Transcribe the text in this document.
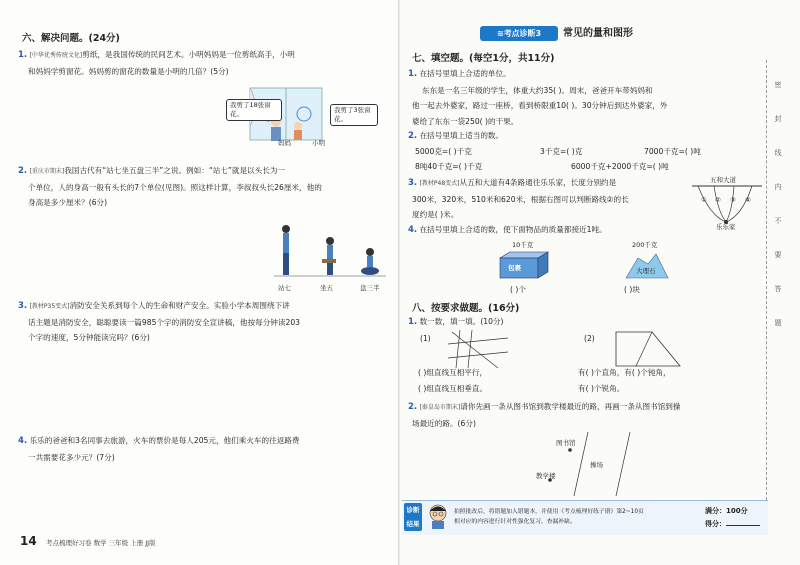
六、解决问题。(24分)
1. [中华优秀传统文化]剪纸，是我国传统的民间艺术。小明妈妈是一位剪纸高手，小明
和妈妈学剪窗花。妈妈剪的窗花的数量是小明的几倍？(5分)
我剪了18张窗花。	我剪了3张窗花。
妈妈	小明
2. [重庆市期末]我国古代有“站七坐五盘三半”之说。例如：“站七”就是以头长为一
个单位，人的身高一般有头长的7个单位(见图)。照这样计算，李叔叔头长26厘米，他的
身高是多少厘米？(6分)
站七	坐五	盘三半
3. [教材P35变式]消防安全关系到每个人的生命和财产安全。实验小学本周围绕下讲
话主题是消防安全，聪聪要读一篇985个字的消防安全宣讲稿，他按每分钟读203
个字的速度，5分钟能读完吗？(6分)
4. 乐乐的爸爸和3名同事去旅游，火车的票价是每人205元，他们乘火车的往返路费
一共需要花多少元？(7分)
14 考点梳理好习卷 数学 三年级 上册 JJ版
≋考点诊断3	常见的量和图形
七、填空题。(每空1分，共11分)
1. 在括号里填上合适的单位。
东东是一名三年级的学生，体重大约35( )。周末，爸爸开车带妈妈和
他一起去外婆家，路过一座桥，看到桥限重10( )。30分钟后到达外婆家，外
婆给了东东一袋250( )的干果。
2. 在括号里填上适当的数。
5000克=( )千克	3千克=( )克	7000千克=( )吨
8吨40千克=( )千克	6000千克+2000千克=( )吨
3. [教材P48变式]从五和大道有4条路通往乐乐家，长度分别约是
300米，320米，510米和620米，根据右图可以判断路线②的长
度约是( )米。
五和大道
乐乐家
① ② ③ ④
4. 在括号里填上合适的数，使下面物品的质量都接近1吨。
10千克
包裹
( )个
200千克
大理石
( )块
八、按要求做题。(16分)
1. 数一数，填一填。(10分)
(1)	(2)
( )组直线互相平行，
( )组直线互相垂直。
有( )个直角，有( )个钝角，
有( )个锐角。
2. [秦皇岛市期末]请你先画一条从图书馆到教学楼最近的路，再画一条从图书馆到操
场最近的路。(6分)
图书馆
教学楼
操场
诊断结果
拍照批改后，将错题加入错题本，并使用《考点梳理好练子册》第2~10页
相对应的内容进行针对性强化复习，查漏补缺。
满分：100分
得分：
密
封
线
内
不
要
答
题
